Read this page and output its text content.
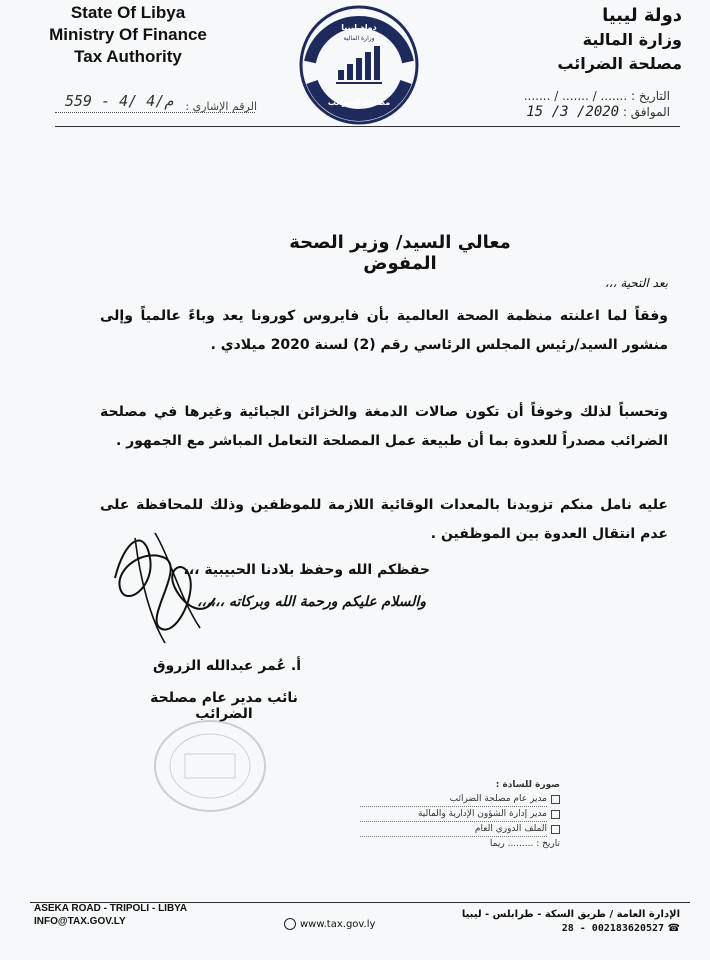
State Of Libya
Ministry Of Finance
Tax Authority
دولة ليبيا
وزارة المالية
مصلحة الضرائب
دولة ليبيا
وزارة المالية
مصلحة الضرائب
559 - 4/ م/4 الرقم الإشاري :
التاريخ : ....... / ....... / .......
الموافق : 2020/ 3/ 15
معالي السيد/ وزير الصحة المفوض
بعد التحية ،،،
وفقاً لما اعلنته منظمة الصحة العالمية بأن فايروس كورونا يعد وباءً عالمياً وإلى منشور السيد/رئيس المجلس الرئاسي رقم (2) لسنة 2020 ميلادي .
وتحسباً لذلك وخوفاً أن تكون صالات الدمغة والخزائن الجبائية وغيرها في مصلحة الضرائب مصدراً للعدوة بما أن طبيعة عمل المصلحة التعامل المباشر مع الجمهور .
عليه نامل منكم تزويدنا بالمعدات الوقائية اللازمة للموظفين وذلك للمحافظة على عدم انتقال العدوة بين الموظفين .
حفظكم الله وحفظ بلادنا الحبيبية ،،،
والسلام عليكم ورحمة الله وبركاته ،،،،،،
أ. عُمر عبدالله الزروق
نائب مدير عام مصلحة الضرائب
صورة للسادة :
مدير عام مصلحة الضرائب
مدير إدارة الشؤون الإدارية والمالية
الملف الدوري العام
تاريخ : ......... ريما
ASEKA ROAD - TRIPOLI - LIBYA
INFO@TAX.GOV.LY	www.tax.gov.ly
الإدارة العامة / طريق السكة - طرابلس - ليبيا
☎ 002183620527 - 28
